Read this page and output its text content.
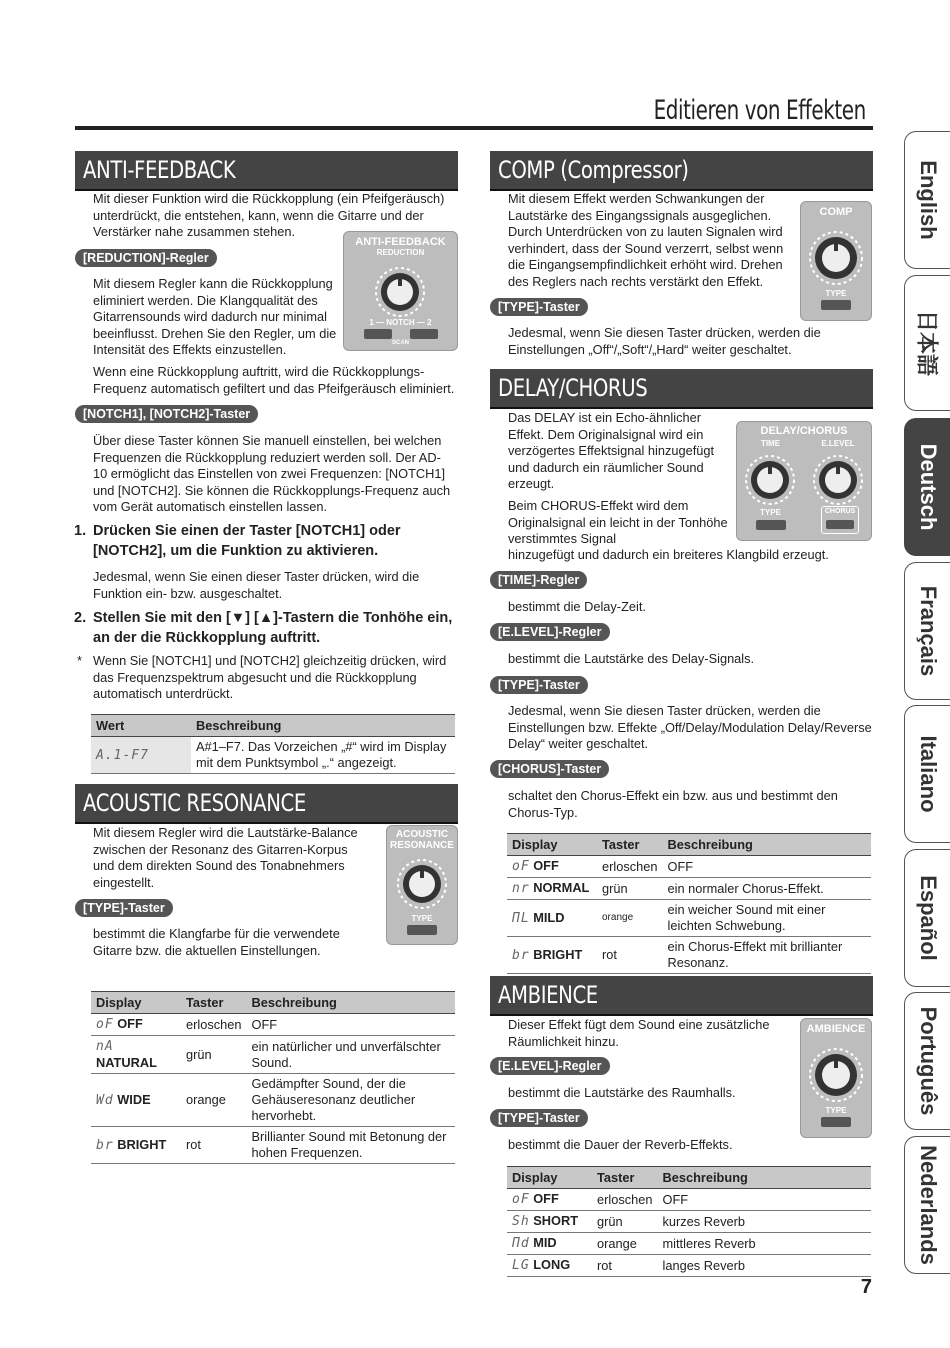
Editieren von Effekten
English
日本語
Deutsch
Français
Italiano
Español
Português
Nederlands
ANTI-FEEDBACK
Mit dieser Funktion wird die Rückkopplung (ein Pfeifgeräusch) unterdrückt, die entstehen, kann, wenn die Gitarre und der Verstärker nahe zusammen stehen.
[REDUCTION]-Regler
ANTI-FEEDBACK
REDUCTION
1 — NOTCH — 2
SCAN
Mit diesem Regler kann die Rückkopplung eliminiert werden. Die Klangqualität des Gitarrensounds wird dadurch nur minimal beeinflusst. Drehen Sie den Regler, um die Intensität des Effekts einzustellen.
Wenn eine Rückkopplung auftritt, wird die Rückkopplungs-Frequenz automatisch gefiltert und das Pfeifgeräusch eliminiert.
[NOTCH1], [NOTCH2]-Taster
Über diese Taster können Sie manuell einstellen, bei welchen Frequenzen die Rückkopplung reduziert werden soll. Der AD-10 ermöglicht das Einstellen von zwei Frequenzen: [NOTCH1] und [NOTCH2]. Sie können die Rückkopplungs-Frequenz auch vom Gerät automatisch einstellen lassen.
1. Drücken Sie einen der Taster [NOTCH1] oder [NOTCH2], um die Funktion zu aktivieren.
Jedesmal, wenn Sie einen dieser Taster drücken, wird die Funktion ein- bzw. ausgeschaltet.
2. Stellen Sie mit den [▼] [▲]-Tastern die Tonhöhe ein, an der die Rückkopplung auftritt.
* Wenn Sie [NOTCH1] und [NOTCH2] gleichzeitig drücken, wird das Frequenzspektrum abgesucht und die Rückkopplung automatisch unterdrückt.
Wert	Beschreibung
A.1-F7	A#1–F7. Das Vorzeichen „#“ wird im Display mit dem Punktsymbol „.“ angezeigt.
ACOUSTIC RESONANCE
Mit diesem Regler wird die Lautstärke-Balance zwischen der Resonanz des Gitarren-Korpus und dem direkten Sound des Tonabnehmers eingestellt.
ACOUSTIC
RESONANCE
TYPE
[TYPE]-Taster
bestimmt die Klangfarbe für die verwendete Gitarre bzw. die aktuellen Einstellungen.
Display	Taster	Beschreibung
oF OFF	erloschen	OFF
nA NATURAL	grün	ein natürlicher und unverfälschter Sound.
Wd WIDE	orange	Gedämpfter Sound, der die Gehäuseresonanz deutlicher hervorhebt.
br BRIGHT	rot	Brillianter Sound mit Betonung der hohen Frequenzen.
COMP (Compressor)
Mit diesem Effekt werden Schwankungen der Lautstärke des Eingangssignals ausgeglichen. Durch Unterdrücken von zu lauten Signalen wird verhindert, dass der Sound verzerrt, selbst wenn die Eingangsempfindlichkeit erhöht wird. Drehen des Reglers nach rechts verstärkt den Effekt.
COMP
TYPE
[TYPE]-Taster
Jedesmal, wenn Sie diesen Taster drücken, werden die Einstellungen „Off“/„Soft“/„Hard“ weiter geschaltet.
DELAY/CHORUS
Das DELAY ist ein Echo-ähnlicher Effekt. Dem Originalsignal wird ein verzögertes Effektsignal hinzugefügt und dadurch ein räumlicher Sound erzeugt.
Beim CHORUS-Effekt wird dem Originalsignal ein leicht in der Tonhöhe verstimmtes Signal
hinzugefügt und dadurch ein breiteres Klangbild erzeugt.
DELAY/CHORUS
TIME	E.LEVEL
TYPE	CHORUS
[TIME]-Regler
bestimmt die Delay-Zeit.
[E.LEVEL]-Regler
bestimmt die Lautstärke des Delay-Signals.
[TYPE]-Taster
Jedesmal, wenn Sie diesen Taster drücken, werden die Einstellungen bzw. Effekte „Off/Delay/Modulation Delay/Reverse Delay“ weiter geschaltet.
[CHORUS]-Taster
schaltet den Chorus-Effekt ein bzw. aus und bestimmt den Chorus-Typ.
Display	Taster	Beschreibung
oF OFF	erloschen	OFF
nr NORMAL	grün	ein normaler Chorus-Effekt.
ΠL MILD	orange	ein weicher Sound mit einer leichten Schwebung.
br BRIGHT	rot	ein Chorus-Effekt mit brillianter Resonanz.
AMBIENCE
Dieser Effekt fügt dem Sound eine zusätzliche Räumlichkeit hinzu.
AMBIENCE
TYPE
[E.LEVEL]-Regler
bestimmt die Lautstärke des Raumhalls.
[TYPE]-Taster
bestimmt die Dauer der Reverb-Effekts.
Display	Taster	Beschreibung
oF OFF	erloschen	OFF
Sh SHORT	grün	kurzes Reverb
Πd MID	orange	mittleres Reverb
LG LONG	rot	langes Reverb
7
